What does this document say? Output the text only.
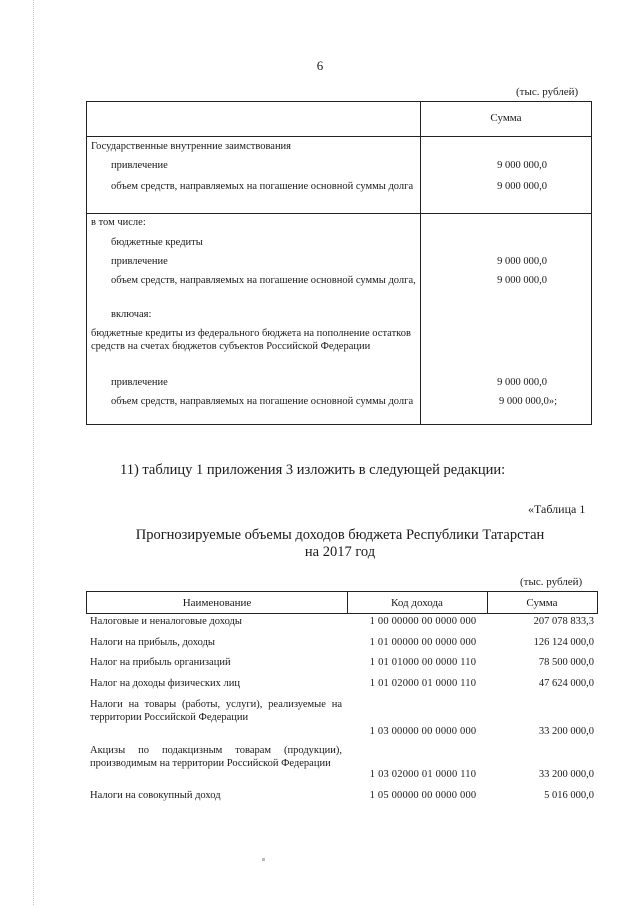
6
(тыс. рублей)
Сумма
Государственные внутренние заимствования
привлечение	9 000 000,0
объем средств, направляемых на погашение основной суммы долга	9 000 000,0
в том числе:
бюджетные кредиты
привлечение	9 000 000,0
объем средств, направляемых на погашение основной суммы долга,	9 000 000,0
включая:
бюджетные кредиты из федерального бюджета на пополнение остатков средств на счетах бюджетов субъектов Российской Федерации
привлечение	9 000 000,0
объем средств, направляемых на погашение основной суммы долга	9 000 000,0»;
11) таблицу 1 приложения 3 изложить в следующей редакции:
«Таблица 1
Прогнозируемые объемы доходов бюджета Республики Татарстан
на 2017 год
(тыс. рублей)
Наименование	Код дохода	Сумма
Налоговые и неналоговые доходы	1 00 00000 00 0000 000	207 078 833,3
Налоги на прибыль, доходы	1 01 00000 00 0000 000	126 124 000,0
Налог на прибыль организаций	1 01 01000 00 0000 110	78 500 000,0
Налог на доходы физических лиц	1 01 02000 01 0000 110	47 624 000,0
Налоги на товары (работы, услуги), реализуемые на территории Российской Федерации
1 03 00000 00 0000 000	33 200 000,0
Акцизы по подакцизным товарам (продукции), производимым на территории Российской Федерации
1 03 02000 01 0000 110	33 200 000,0
Налоги на совокупный доход	1 05 00000 00 0000 000	5 016 000,0
